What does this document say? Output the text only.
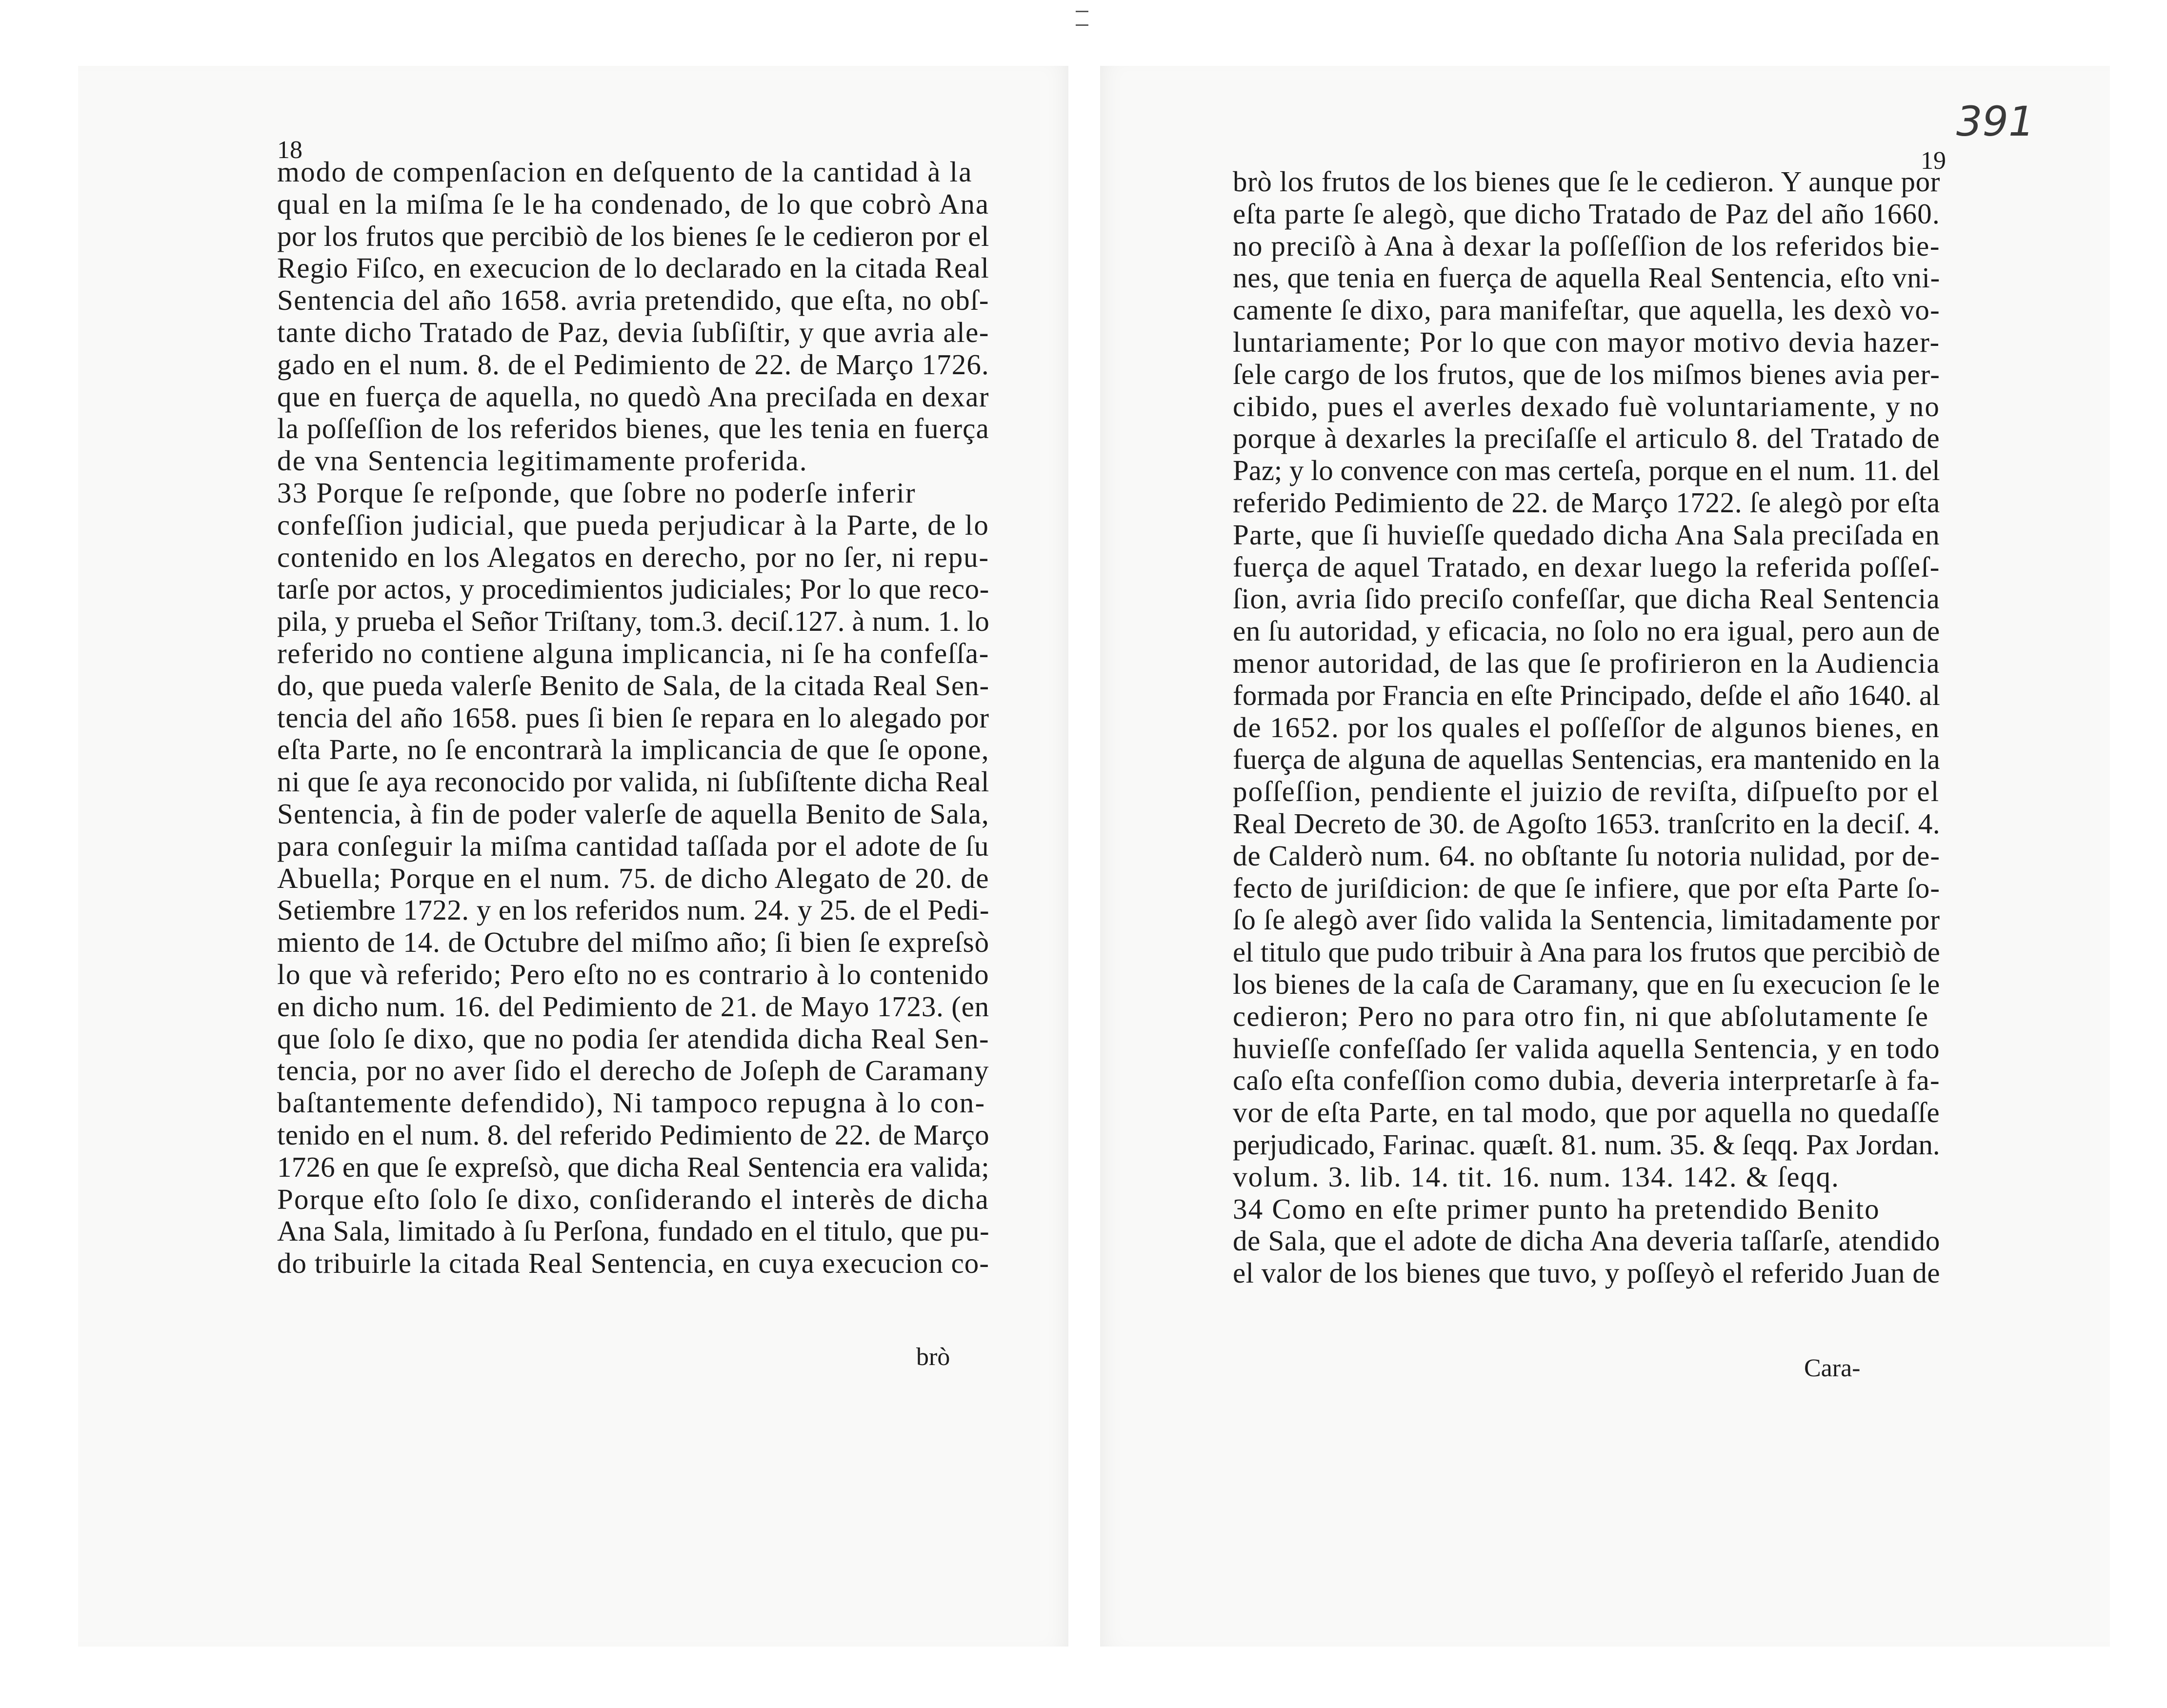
18	19
391
modo de compenſacion en deſquento de la cantidad à la
qual en la miſma ſe le ha condenado, de lo que cobrò Ana
por los frutos que percibiò de los bienes ſe le cedieron por el
Regio Fiſco, en execucion de lo declarado en la citada Real
Sentencia del año 1658. avria pretendido, que eſta, no obſ-
tante dicho Tratado de Paz, devia ſubſiſtir, y que avria ale-
gado en el num. 8. de el Pedimiento de 22. de Março 1726.
que en fuerça de aquella, no quedò Ana preciſada en dexar
la poſſeſſion de los referidos bienes, que les tenia en fuerça
de vna Sentencia legitimamente proferida.
33 Porque ſe reſponde, que ſobre no poderſe inferir
confeſſion judicial, que pueda perjudicar à la Parte, de lo
contenido en los Alegatos en derecho, por no ſer, ni repu-
tarſe por actos, y procedimientos judiciales; Por lo que reco-
pila, y prueba el Señor Triſtany, tom.3. deciſ.127. à num. 1. lo
referido no contiene alguna implicancia, ni ſe ha confeſſa-
do, que pueda valerſe Benito de Sala, de la citada Real Sen-
tencia del año 1658. pues ſi bien ſe repara en lo alegado por
eſta Parte, no ſe encontrarà la implicancia de que ſe opone,
ni que ſe aya reconocido por valida, ni ſubſiſtente dicha Real
Sentencia, à fin de poder valerſe de aquella Benito de Sala,
para conſeguir la miſma cantidad taſſada por el adote de ſu
Abuella; Porque en el num. 75. de dicho Alegato de 20. de
Setiembre 1722. y en los referidos num. 24. y 25. de el Pedi-
miento de 14. de Octubre del miſmo año; ſi bien ſe expreſsò
lo que và referido; Pero eſto no es contrario à lo contenido
en dicho num. 16. del Pedimiento de 21. de Mayo 1723. (en
que ſolo ſe dixo, que no podia ſer atendida dicha Real Sen-
tencia, por no aver ſido el derecho de Joſeph de Caramany
baſtantemente defendido), Ni tampoco repugna à lo con-
tenido en el num. 8. del referido Pedimiento de 22. de Março
1726 en que ſe expreſsò, que dicha Real Sentencia era valida;
Porque eſto ſolo ſe dixo, conſiderando el interès de dicha
Ana Sala, limitado à ſu Perſona, fundado en el titulo, que pu-
do tribuirle la citada Real Sentencia, en cuya execucion co-
brò
brò los frutos de los bienes que ſe le cedieron. Y aunque por
eſta parte ſe alegò, que dicho Tratado de Paz del año 1660.
no preciſò à Ana à dexar la poſſeſſion de los referidos bie-
nes, que tenia en fuerça de aquella Real Sentencia, eſto vni-
camente ſe dixo, para manifeſtar, que aquella, les dexò vo-
luntariamente; Por lo que con mayor motivo devia hazer-
ſele cargo de los frutos, que de los miſmos bienes avia per-
cibido, pues el averles dexado fuè voluntariamente, y no
porque à dexarles la preciſaſſe el articulo 8. del Tratado de
Paz; y lo convence con mas certeſa, porque en el num. 11. del
referido Pedimiento de 22. de Março 1722. ſe alegò por eſta
Parte, que ſi huvieſſe quedado dicha Ana Sala preciſada en
fuerça de aquel Tratado, en dexar luego la referida poſſeſ-
ſion, avria ſido preciſo confeſſar, que dicha Real Sentencia
en ſu autoridad, y eficacia, no ſolo no era igual, pero aun de
menor autoridad, de las que ſe profirieron en la Audiencia
formada por Francia en eſte Principado, deſde el año 1640. al
de 1652. por los quales el poſſeſſor de algunos bienes, en
fuerça de alguna de aquellas Sentencias, era mantenido en la
poſſeſſion, pendiente el juizio de reviſta, diſpueſto por el
Real Decreto de 30. de Agoſto 1653. tranſcrito en la deciſ. 4.
de Calderò num. 64. no obſtante ſu notoria nulidad, por de-
fecto de juriſdicion: de que ſe infiere, que por eſta Parte ſo-
ſo ſe alegò aver ſido valida la Sentencia, limitadamente por
el titulo que pudo tribuir à Ana para los frutos que percibiò de
los bienes de la caſa de Caramany, que en ſu execucion ſe le
cedieron; Pero no para otro fin, ni que abſolutamente ſe
huvieſſe confeſſado ſer valida aquella Sentencia, y en todo
caſo eſta confeſſion como dubia, deveria interpretarſe à fa-
vor de eſta Parte, en tal modo, que por aquella no quedaſſe
perjudicado, Farinac. quæſt. 81. num. 35. & ſeqq. Pax Jordan.
volum. 3. lib. 14. tit. 16. num. 134. 142. & ſeqq.
34 Como en eſte primer punto ha pretendido Benito
de Sala, que el adote de dicha Ana deveria taſſarſe, atendido
el valor de los bienes que tuvo, y poſſeyò el referido Juan de
Cara-
